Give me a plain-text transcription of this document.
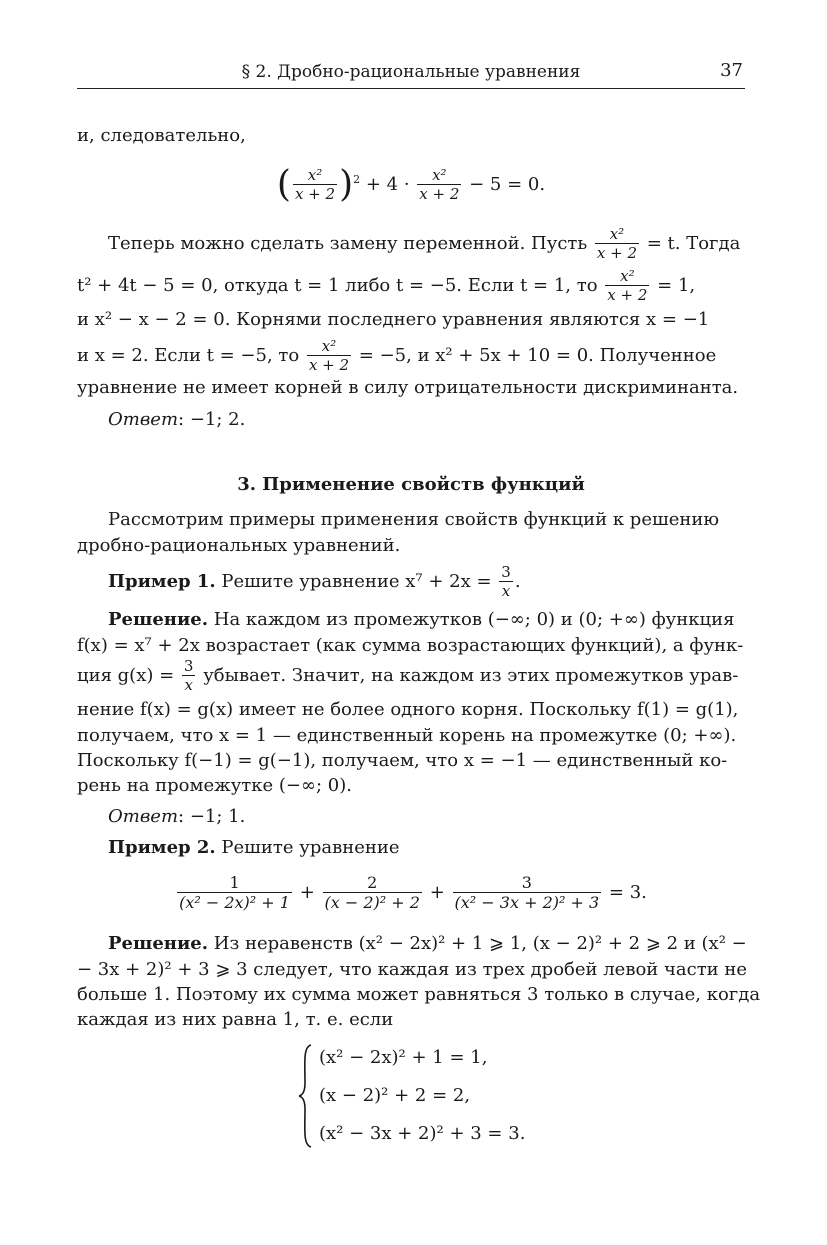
§ 2. Дробно-рациональные уравнения	37
и, следовательно,
( $\frac{\text{x²}}{x + 2} )^2 + 4 \cdot \frac{\text{x²}}{x + 2} - 5 = 0$.
Теперь можно сделать замену переменной. Пусть $\frac{\text{x²}}{x + 2} = t$. Тогда
t² + 4t − 5 = 0, откуда t = 1 либо t = −5. Если t = 1, то $\frac{\text{x²}}{x + 2} = 1$,
и x² − x − 2 = 0. Корнями последнего уравнения являются x = −1
и x = 2. Если t = −5, то $\frac{\text{x²}}{x + 2} = -5$, и x² + 5x + 10 = 0. Полученное
уравнение не имеет корней в силу отрицательности дискриминанта.
Ответ: −1; 2.
3. Применение свойств функций
Рассмотрим примеры применения свойств функций к решению
дробно-рациональных уравнений.
Пример 1. Решите уравнение $x^7 + 2x = \frac{3}{x}$ .
Решение. На каждом из промежутков (−∞; 0) и (0; +∞) функция
f(x) = x⁷ + 2x возрастает (как сумма возрастающих функций), а функ-
ция $g(x) = \frac{3}{x}$ убывает. Значит, на каждом из этих промежутков урав-
нение f(x) = g(x) имеет не более одного корня. Поскольку f(1) = g(1),
получаем, что x = 1 — единственный корень на промежутке (0; +∞).
Поскольку f(−1) = g(−1), получаем, что x = −1 — единственный ко-
рень на промежутке (−∞; 0).
Ответ: −1; 1.
Пример 2. Решите уравнение
$\frac{1}{\text{(x² − 2x)² + 1}} + \frac{2}{\text{(x − 2)² + 2}} + \frac{3}{\text{(x² − 3x + 2)² + 3}} = 3$.
Решение. Из неравенств (x² − 2x)² + 1 ⩾ 1, (x − 2)² + 2 ⩾ 2 и (x² −
− 3x + 2)² + 3 ⩾ 3 следует, что каждая из трех дробей левой части не
больше 1. Поэтому их сумма может равняться 3 только в случае, когда
каждая из них равна 1, т. е. если
(x² − 2x)² + 1 = 1,
(x − 2)² + 2 = 2,
(x² − 3x + 2)² + 3 = 3.
